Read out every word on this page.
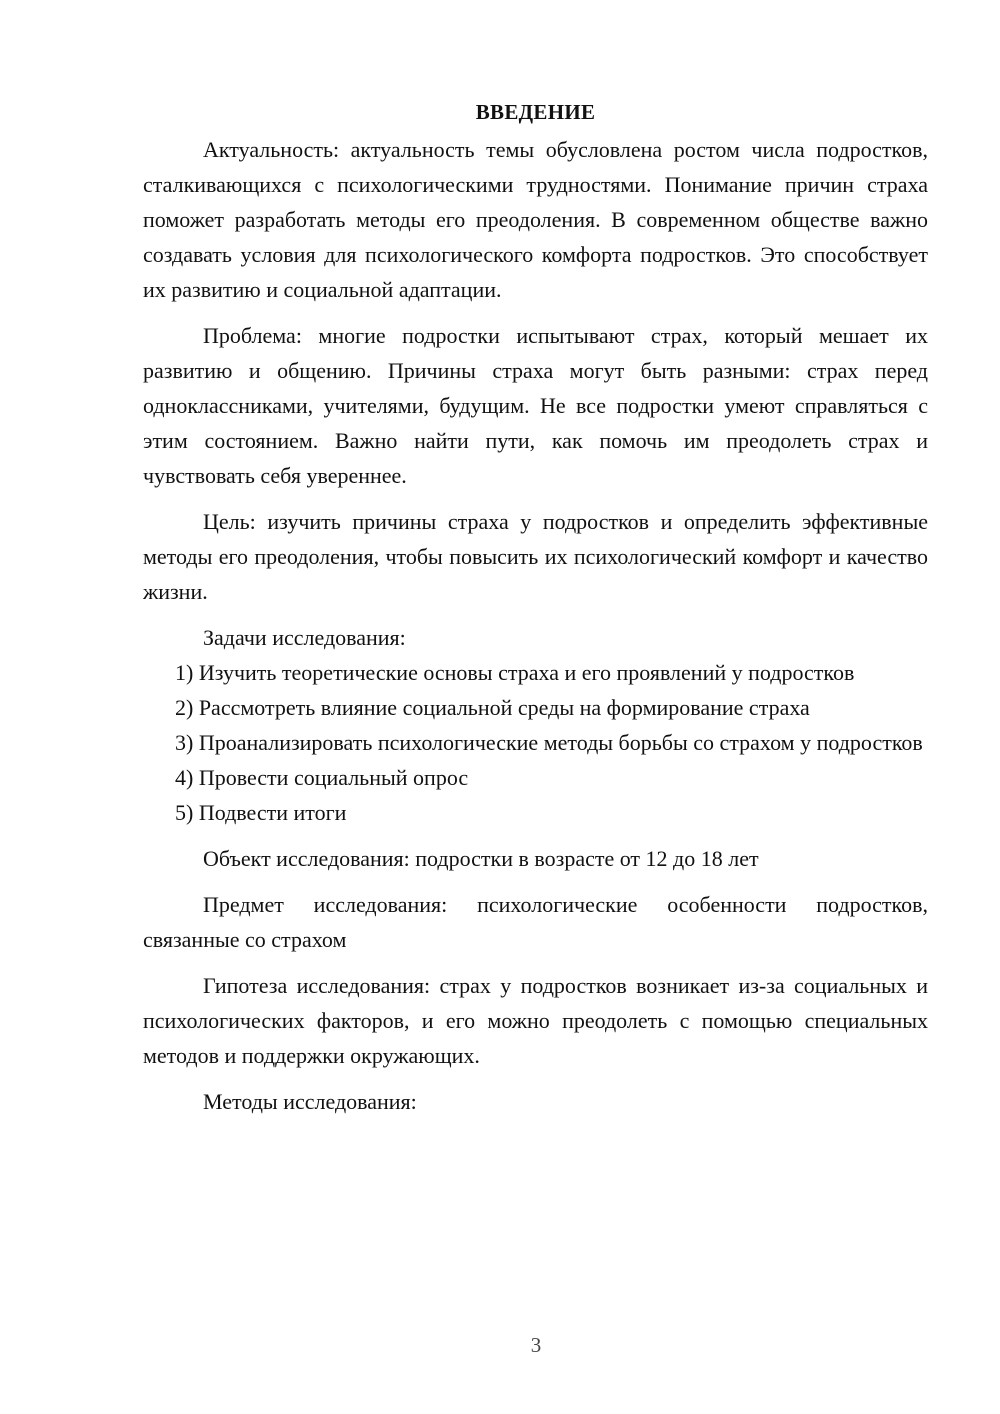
ВВЕДЕНИЕ

Актуальность: актуальность темы обусловлена ростом числа подростков, сталкивающихся с психологическими трудностями. Понимание причин страха поможет разработать методы его преодоления. В современном обществе важно создавать условия для психологического комфорта подростков. Это способствует их развитию и социальной адаптации.

Проблема: многие подростки испытывают страх, который мешает их развитию и общению. Причины страха могут быть разными: страх перед одноклассниками, учителями, будущим. Не все подростки умеют справляться с этим состоянием. Важно найти пути, как помочь им преодолеть страх и чувствовать себя увереннее.

Цель: изучить причины страха у подростков и определить эффективные методы его преодоления, чтобы повысить их психологический комфорт и качество жизни.

Задачи исследования:

1) Изучить теоретические основы страха и его проявлений у подростков

2) Рассмотреть влияние социальной среды на формирование страха

3) Проанализировать психологические методы борьбы со страхом у подростков

4) Провести социальный опрос

5) Подвести итоги

Объект исследования: подростки в возрасте от 12 до 18 лет

Предмет исследования: психологические особенности подростков, связанные со страхом

Гипотеза исследования: страх у подростков возникает из-за социальных и психологических факторов, и его можно преодолеть с помощью специальных методов и поддержки окружающих.

Методы исследования:

3
